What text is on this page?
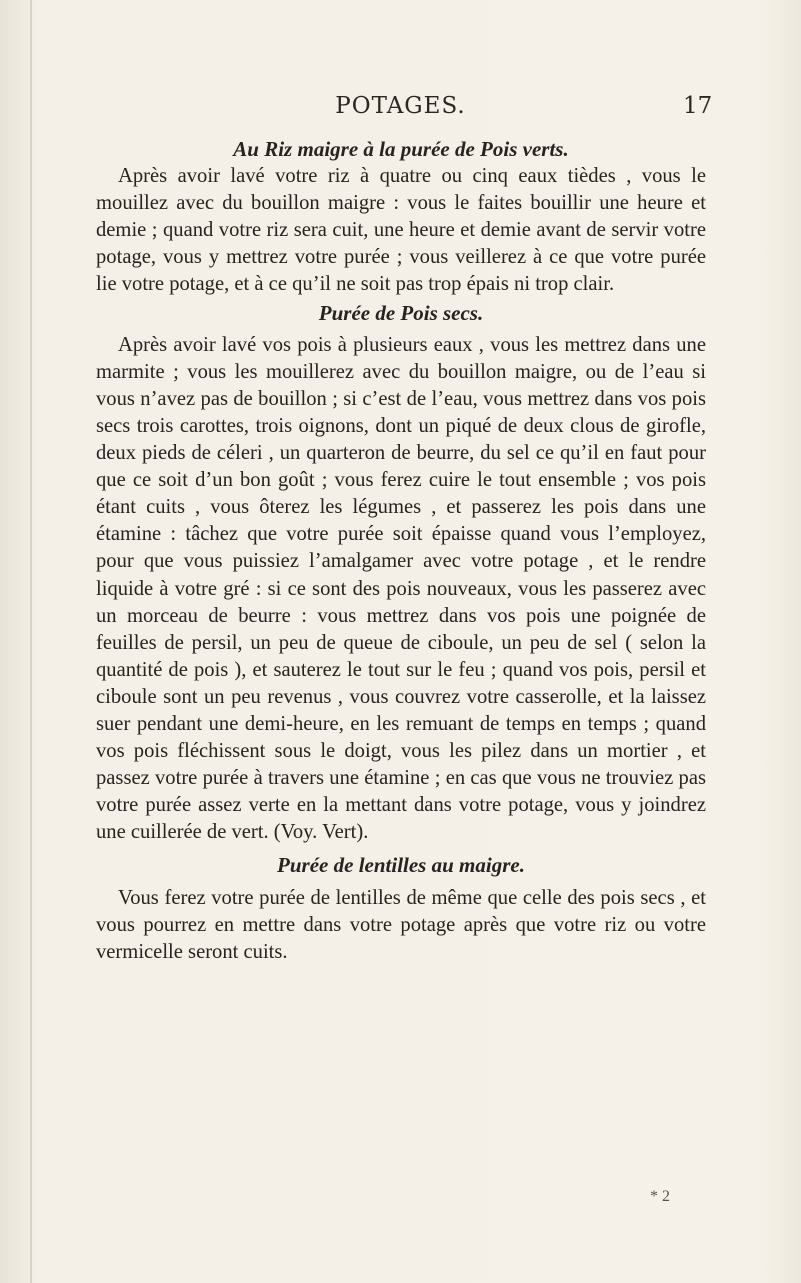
POTAGES.	17
Au Riz maigre à la purée de Pois verts.

Après avoir lavé votre riz à quatre ou cinq eaux tièdes , vous le mouillez avec du bouillon maigre : vous le faites bouillir une heure et demie ; quand votre riz sera cuit, une heure et demie avant de servir votre potage, vous y mettrez votre purée ; vous veillerez à ce que votre purée lie votre potage, et à ce qu’il ne soit pas trop épais ni trop clair.

Purée de Pois secs.

Après avoir lavé vos pois à plusieurs eaux , vous les mettrez dans une marmite ; vous les mouillerez avec du bouillon maigre, ou de l’eau si vous n’avez pas de bouillon ; si c’est de l’eau, vous mettrez dans vos pois secs trois carottes, trois oignons, dont un piqué de deux clous de girofle, deux pieds de céleri , un quarteron de beurre, du sel ce qu’il en faut pour que ce soit d’un bon goût ; vous ferez cuire le tout ensemble ; vos pois étant cuits , vous ôterez les légumes , et passerez les pois dans une étamine : tâchez que votre purée soit épaisse quand vous l’employez, pour que vous puissiez l’amalgamer avec votre potage , et le rendre liquide à votre gré : si ce sont des pois nouveaux, vous les passerez avec un morceau de beurre : vous mettrez dans vos pois une poignée de feuilles de persil, un peu de queue de ciboule, un peu de sel ( selon la quantité de pois ), et sauterez le tout sur le feu ; quand vos pois, persil et ciboule sont un peu revenus , vous couvrez votre casserolle, et la laissez suer pendant une demi-heure, en les remuant de temps en temps ; quand vos pois fléchissent sous le doigt, vous les pilez dans un mortier , et passez votre purée à travers une étamine ; en cas que vous ne trouviez pas votre purée assez verte en la mettant dans votre potage, vous y joindrez une cuillerée de vert. (Voy. Vert).

Purée de lentilles au maigre.

Vous ferez votre purée de lentilles de même que celle des pois secs , et vous pourrez en mettre dans votre potage après que votre riz ou votre vermicelle seront cuits.

* 2
